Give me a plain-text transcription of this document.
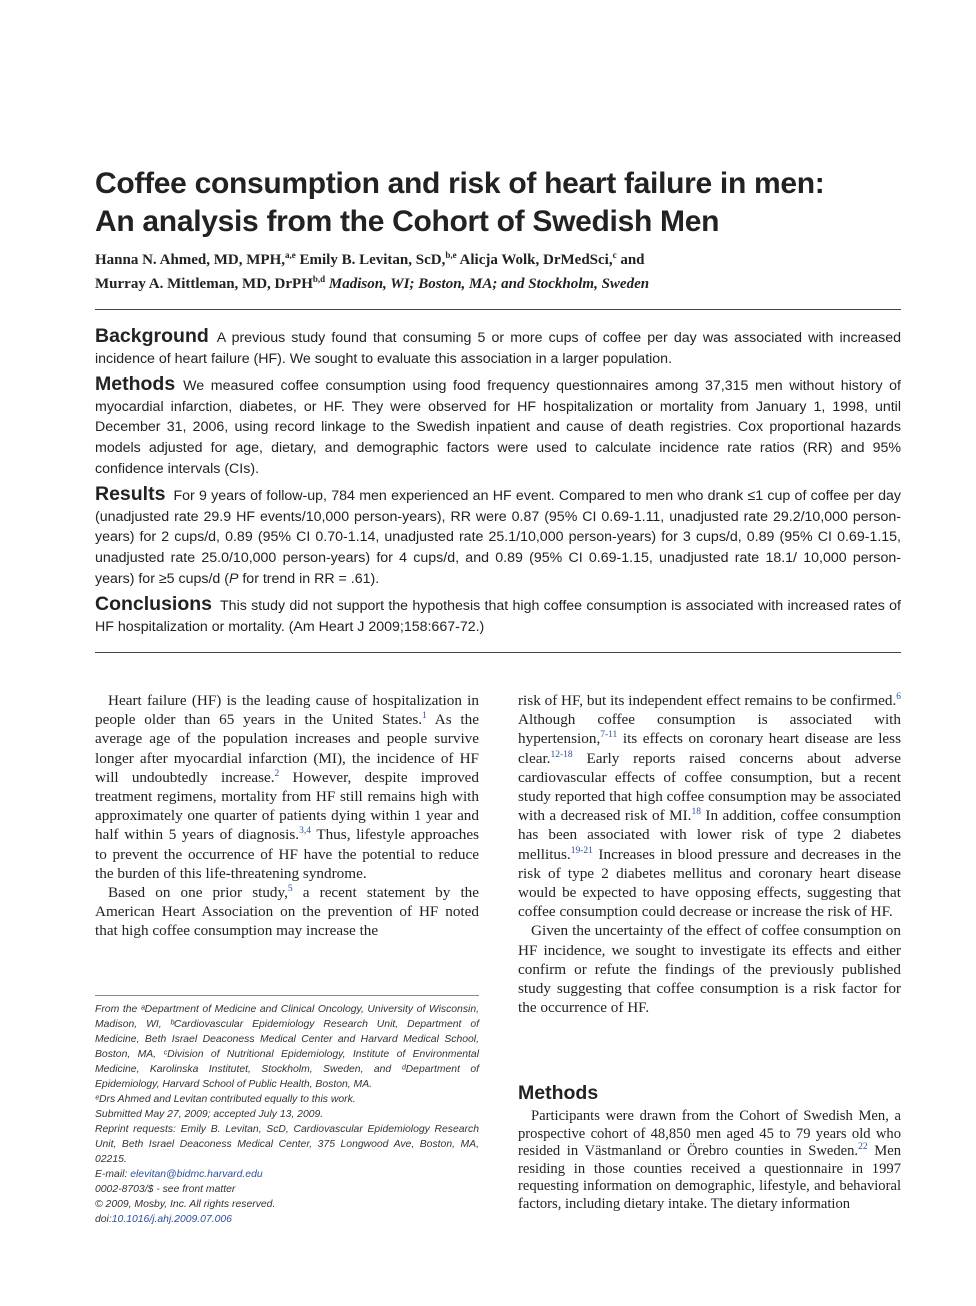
Coffee consumption and risk of heart failure in men:
An analysis from the Cohort of Swedish Men
Hanna N. Ahmed, MD, MPH,$^{a,e}$ Emily B. Levitan, ScD,$^{b,e}$ Alicja Wolk, DrMedSci,$^c$ and
Murray A. Mittleman, MD, DrPH$^{b,d}$ Madison, WI; Boston, MA; and Stockholm, Sweden

Background A previous study found that consuming 5 or more cups of coffee per day was associated with increased incidence of heart failure (HF). We sought to evaluate this association in a larger population.

Methods We measured coffee consumption using food frequency questionnaires among 37,315 men without history of myocardial infarction, diabetes, or HF. They were observed for HF hospitalization or mortality from January 1, 1998, until December 31, 2006, using record linkage to the Swedish inpatient and cause of death registries. Cox proportional hazards models adjusted for age, dietary, and demographic factors were used to calculate incidence rate ratios (RR) and 95% confidence intervals (CIs).

Results For 9 years of follow-up, 784 men experienced an HF event. Compared to men who drank ≤1 cup of coffee per day (unadjusted rate 29.9 HF events/10,000 person-years), RR were 0.87 (95% CI 0.69-1.11, unadjusted rate 29.2/10,000 person-years) for 2 cups/d, 0.89 (95% CI 0.70-1.14, unadjusted rate 25.1/10,000 person-years) for 3 cups/d, 0.89 (95% CI 0.69-1.15, unadjusted rate 25.0/10,000 person-years) for 4 cups/d, and 0.89 (95% CI 0.69-1.15, unadjusted rate 18.1/ 10,000 person-years) for ≥5 cups/d (P for trend in RR = .61).

Conclusions This study did not support the hypothesis that high coffee consumption is associated with increased rates of HF hospitalization or mortality. (Am Heart J 2009;158:667-72.)

Heart failure (HF) is the leading cause of hospitalization in people older than 65 years in the United States.$^1$ As the average age of the population increases and people survive longer after myocardial infarction (MI), the incidence of HF will undoubtedly increase.$^2$ However, despite improved treatment regimens, mortality from HF still remains high with approximately one quarter of patients dying within 1 year and half within 5 years of diagnosis.$^{3,4}$ Thus, lifestyle approaches to prevent the occurrence of HF have the potential to reduce the burden of this life-threatening syndrome.

Based on one prior study,$^5$ a recent statement by the American Heart Association on the prevention of HF noted that high coffee consumption may increase the

From the ᵃDepartment of Medicine and Clinical Oncology, University of Wisconsin, Madison, WI, ᵇCardiovascular Epidemiology Research Unit, Department of Medicine, Beth Israel Deaconess Medical Center and Harvard Medical School, Boston, MA, ᶜDivision of Nutritional Epidemiology, Institute of Environmental Medicine, Karolinska Institutet, Stockholm, Sweden, and ᵈDepartment of Epidemiology, Harvard School of Public Health, Boston, MA.

ᵉDrs Ahmed and Levitan contributed equally to this work.

Submitted May 27, 2009; accepted July 13, 2009.

Reprint requests: Emily B. Levitan, ScD, Cardiovascular Epidemiology Research Unit, Beth Israel Deaconess Medical Center, 375 Longwood Ave, Boston, MA, 02215.

E-mail: elevitan@bidmc.harvard.edu

0002-8703/$ - see front matter

© 2009, Mosby, Inc. All rights reserved.

doi:10.1016/j.ahj.2009.07.006

risk of HF, but its independent effect remains to be confirmed.$^6$ Although coffee consumption is associated with hypertension,$^{7-11}$ its effects on coronary heart disease are less clear.$^{12-18}$ Early reports raised concerns about adverse cardiovascular effects of coffee consumption, but a recent study reported that high coffee consumption may be associated with a decreased risk of MI.$^{18}$ In addition, coffee consumption has been associated with lower risk of type 2 diabetes mellitus.$^{19-21}$ Increases in blood pressure and decreases in the risk of type 2 diabetes mellitus and coronary heart disease would be expected to have opposing effects, suggesting that coffee consumption could decrease or increase the risk of HF.

Given the uncertainty of the effect of coffee consumption on HF incidence, we sought to investigate its effects and either confirm or refute the findings of the previously published study suggesting that coffee consumption is a risk factor for the occurrence of HF.

Methods

Participants were drawn from the Cohort of Swedish Men, a prospective cohort of 48,850 men aged 45 to 79 years old who resided in Västmanland or Örebro counties in Sweden.$^{22}$ Men residing in those counties received a questionnaire in 1997 requesting information on demographic, lifestyle, and behavioral factors, including dietary intake. The dietary information
